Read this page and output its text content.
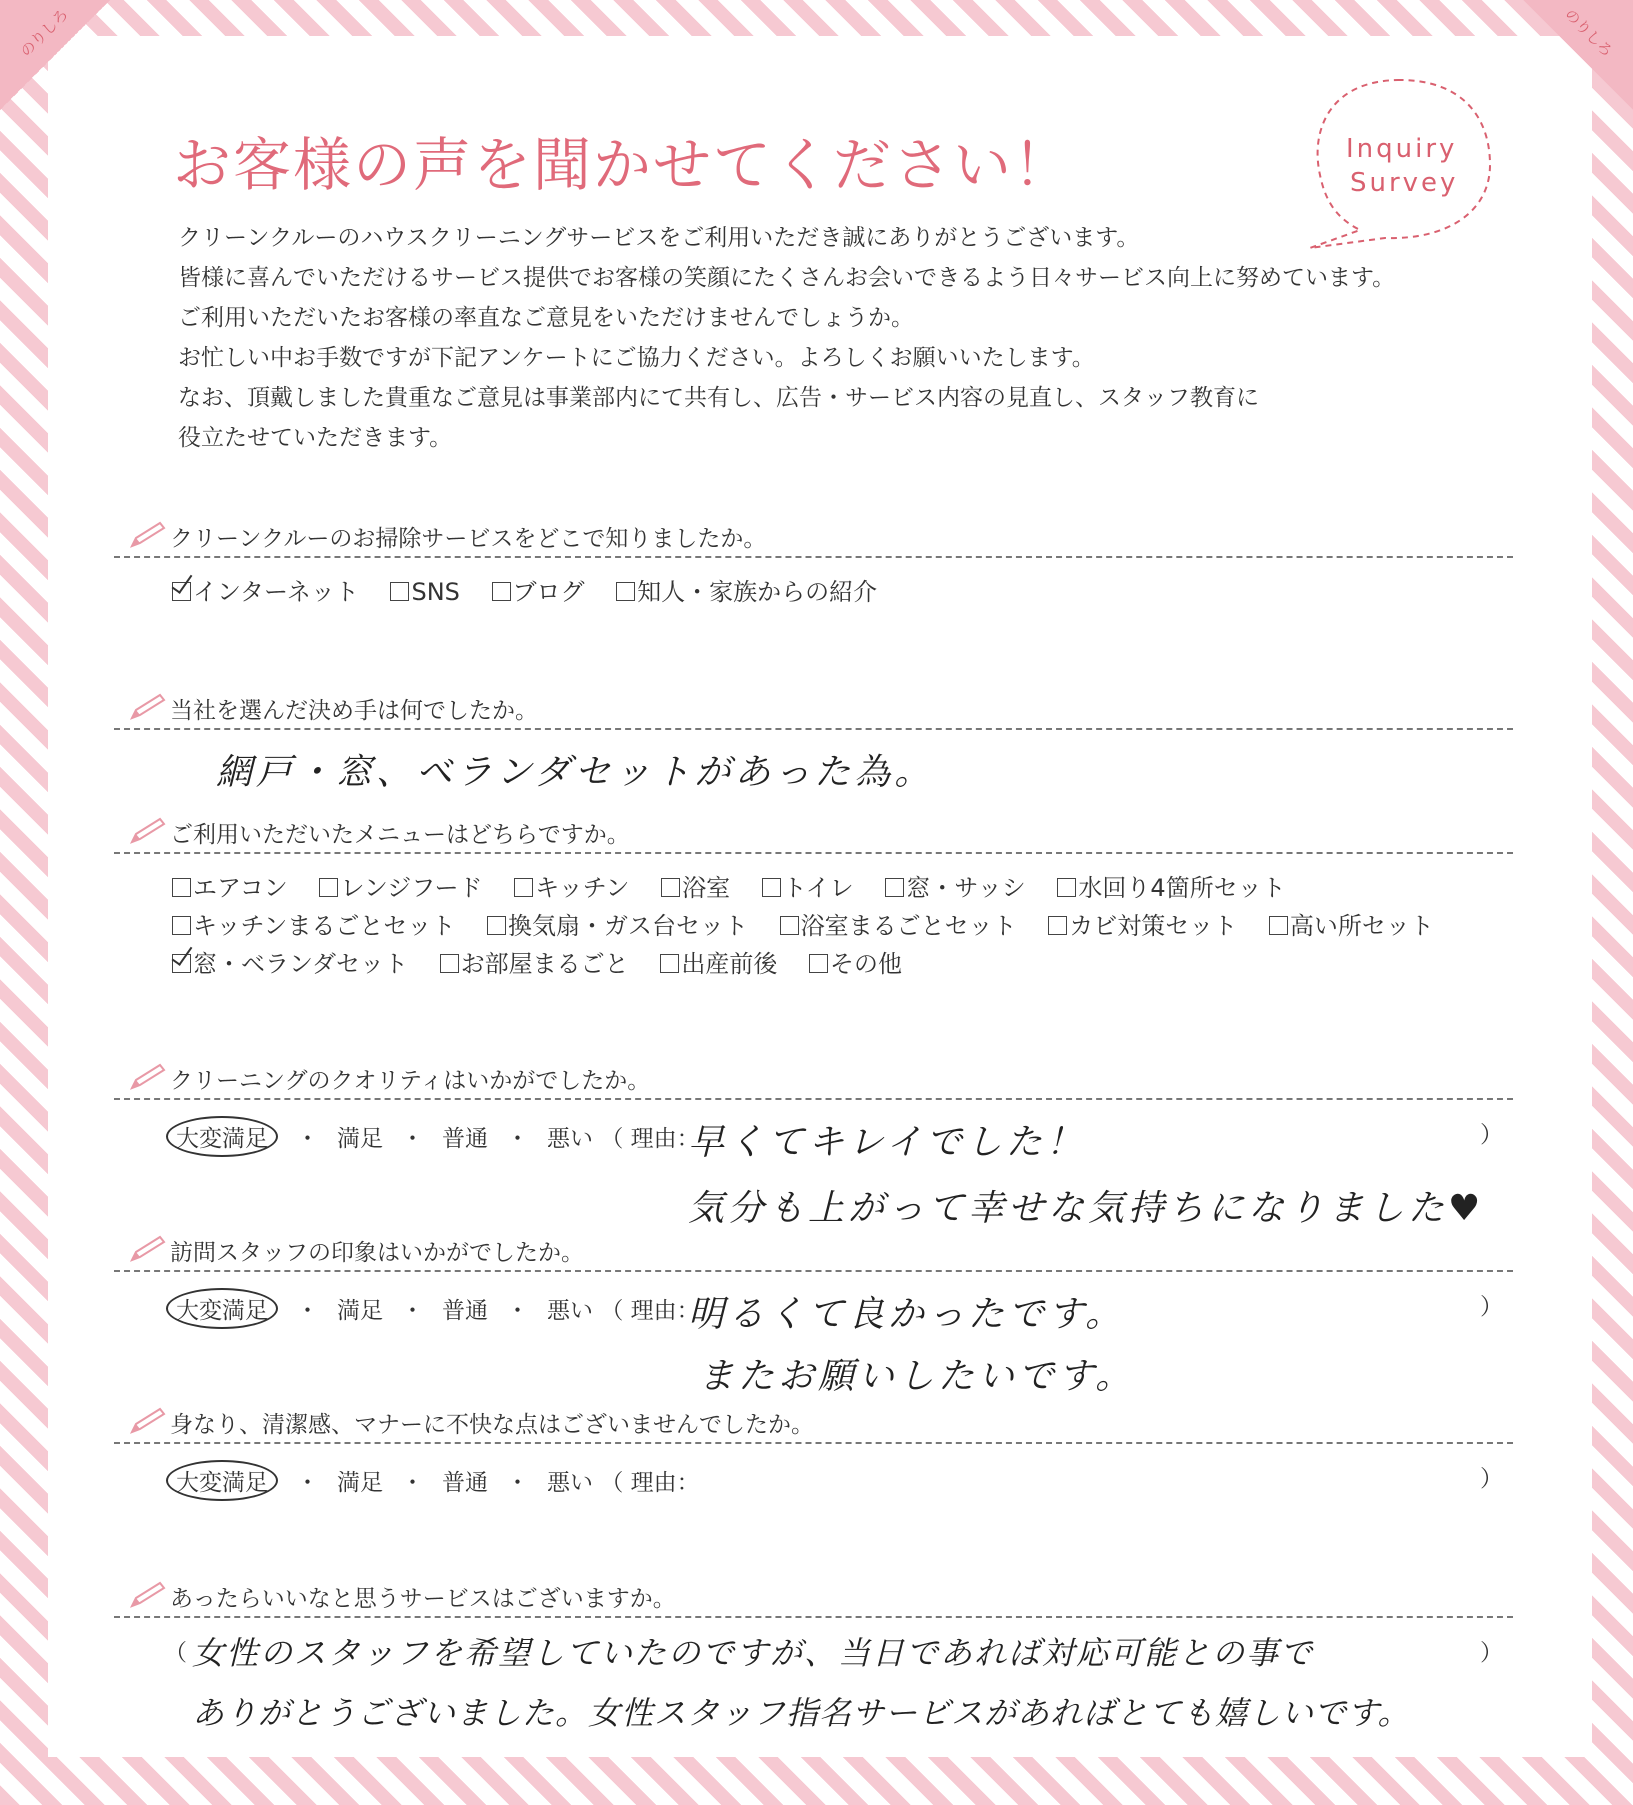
のりしろ	のりしろ
お客様の声を聞かせてください！	Inquiry
Survey
クリーンクルーのハウスクリーニングサービスをご利用いただき誠にありがとうございます。
皆様に喜んでいただけるサービス提供でお客様の笑顔にたくさんお会いできるよう日々サービス向上に努めています。
ご利用いただいたお客様の率直なご意見をいただけませんでしょうか。
お忙しい中お手数ですが下記アンケートにご協力ください。よろしくお願いいたします。
なお、頂戴しました貴重なご意見は事業部内にて共有し、広告・サービス内容の見直し、スタッフ教育に
役立たせていただきます。
クリーンクルーのお掃除サービスをどこで知りましたか。
インターネット SNS ブログ 知人・家族からの紹介
当社を選んだ決め手は何でしたか。
網戸・窓、ベランダセットがあった為。
ご利用いただいたメニューはどちらですか。
エアコン レンジフード キッチン 浴室 トイレ 窓・サッシ 水回り4箇所セット
キッチンまるごとセット 換気扇・ガス台セット 浴室まるごとセット カビ対策セット 高い所セット
窓・ベランダセット お部屋まるごと 出産前後 その他
クリーニングのクオリティはいかがでしたか。
大変満足 ・ 満足 ・ 普通 ・ 悪い （ 理由：	）
早くてキレイでした！
気分も上がって幸せな気持ちになりました♥
訪問スタッフの印象はいかがでしたか。
大変満足 ・ 満足 ・ 普通 ・ 悪い （ 理由：	）
明るくて良かったです。
またお願いしたいです。
身なり、清潔感、マナーに不快な点はございませんでしたか。
大変満足 ・ 満足 ・ 普通 ・ 悪い （ 理由：	）
あったらいいなと思うサービスはございますか。
（	）
女性のスタッフを希望していたのですが、当日であれば対応可能との事で
ありがとうございました。女性スタッフ指名サービスがあればとても嬉しいです。
